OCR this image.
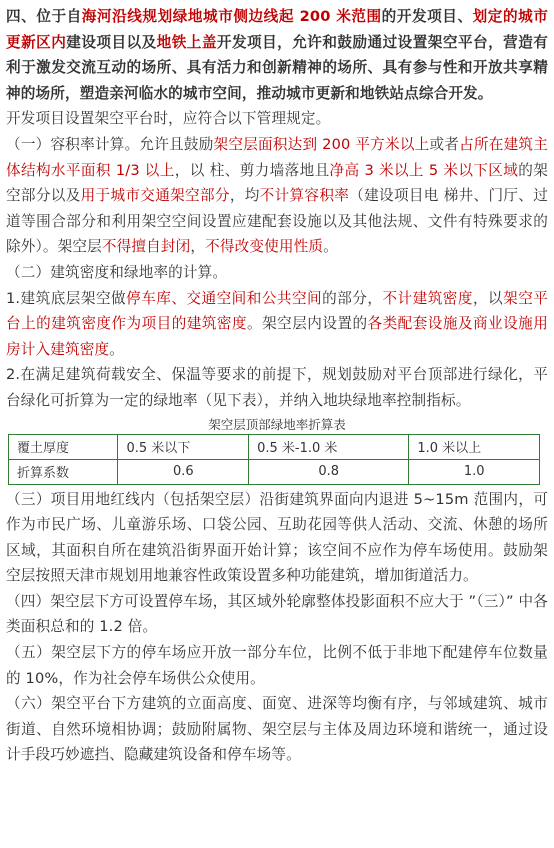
四、位于自海河沿线规划绿地城市侧边线起 200 米范围的开发项目、划定的城市更新区内建设项目以及地铁上盖开发项目，允许和鼓励通过设置架空平台，营造有利于激发交流互动的场所、具有活力和创新精神的场所、具有参与性和开放共享精神的场所，塑造亲河临水的城市空间，推动城市更新和地铁站点综合开发。

开发项目设置架空平台时，应符合以下管理规定。

（一）容积率计算。允许且鼓励架空层面积达到 200 平方米以上或者占所在建筑主体结构水平面积 1/3 以上，以 柱、剪力墙落地且净高 3 米以上 5 米以下区域的架空部分以及用于城市交通架空部分，均不计算容积率（建设项目电 梯井、门厅、过道等围合部分和利用架空空间设置应建配套设施以及其他法规、文件有特殊要求的除外）。架空层不得擅自封闭，不得改变使用性质。

（二）建筑密度和绿地率的计算。

1.建筑底层架空做停车库、交通空间和公共空间的部分，不计建筑密度，以架空平台上的建筑密度作为项目的建筑密度。架空层内设置的各类配套设施及商业设施用房计入建筑密度。

2.在满足建筑荷载安全、保温等要求的前提下，规划鼓励对平台顶部进行绿化，平台绿化可折算为一定的绿地率（见下表），并纳入地块绿地率控制指标。

架空层顶部绿地率折算表
覆土厚度	0.5 米以下	0.5 米-1.0 米	1.0 米以上
折算系数	0.6	0.8	1.0

（三）项目用地红线内（包括架空层）沿街建筑界面向内退进 5~15m 范围内，可作为市民广场、儿童游乐场、口袋公园、互助花园等供人活动、交流、休憩的场所区域，其面积自所在建筑沿街界面开始计算；该空间不应作为停车场使用。鼓励架空层按照天津市规划用地兼容性政策设置多种功能建筑，增加街道活力。

（四）架空层下方可设置停车场，其区域外轮廓整体投影面积不应大于 ”（三）” 中各类面积总和的 1.2 倍。

（五）架空层下方的停车场应开放一部分车位，比例不低于非地下配建停车位数量的 10%，作为社会停车场供公众使用。

（六）架空平台下方建筑的立面高度、面宽、进深等均衡有序，与邻域建筑、城市街道、自然环境相协调；鼓励附属物、架空层与主体及周边环境和谐统一，通过设计手段巧妙遮挡、隐藏建筑设备和停车场等。
